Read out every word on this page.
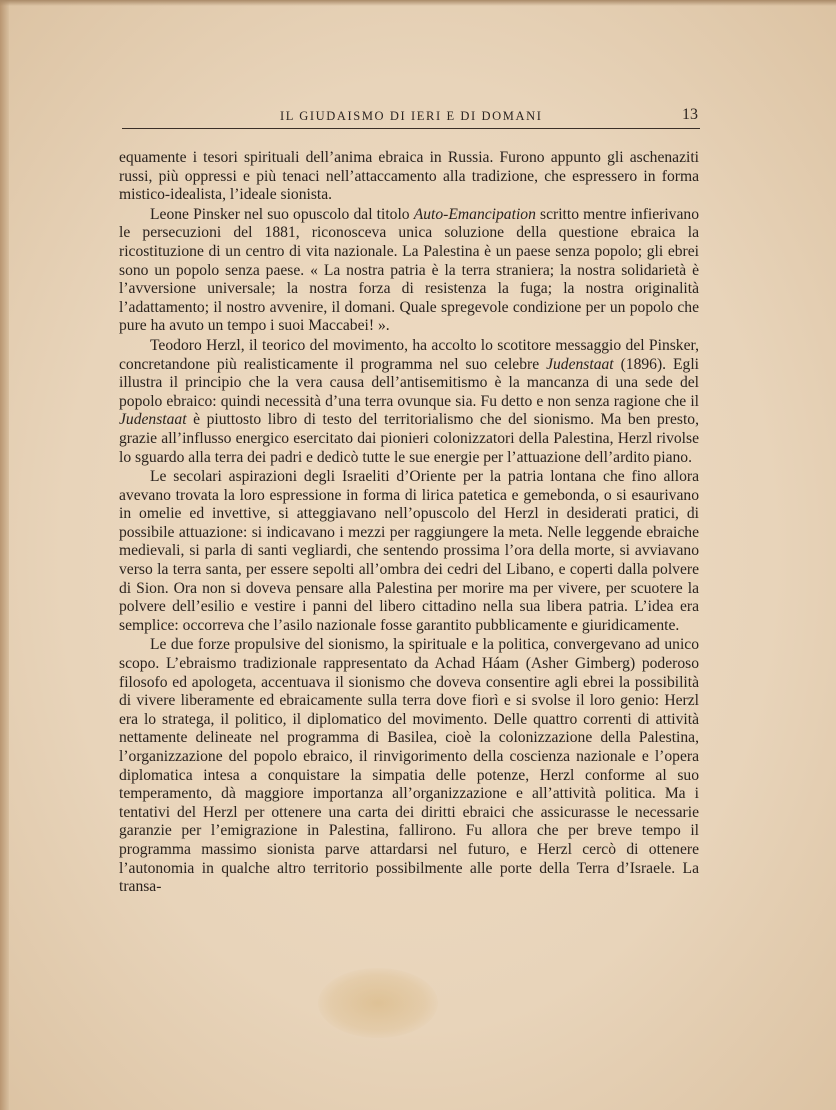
IL GIUDAISMO DI IERI E DI DOMANI	13

equamente i tesori spirituali dell’anima ebraica in Russia. Furono appunto gli aschenaziti russi, più oppressi e più tenaci nell’attaccamento alla tradizione, che espressero in forma mistico-idealista, l’ideale sionista.

Leone Pinsker nel suo opuscolo dal titolo Auto-Emancipation scritto mentre infierivano le persecuzioni del 1881, riconosceva unica soluzione della questione ebraica la ricostituzione di un centro di vita nazionale. La Palestina è un paese senza popolo; gli ebrei sono un popolo senza paese. « La nostra patria è la terra straniera; la nostra solidarietà è l’avversione universale; la nostra forza di resistenza la fuga; la nostra originalità l’adattamento; il nostro avvenire, il domani. Quale spregevole condizione per un popolo che pure ha avuto un tempo i suoi Maccabei! ».

Teodoro Herzl, il teorico del movimento, ha accolto lo scotitore messaggio del Pinsker, concretandone più realisticamente il programma nel suo celebre Judenstaat (1896). Egli illustra il principio che la vera causa dell’antisemitismo è la mancanza di una sede del popolo ebraico: quindi necessità d’una terra ovunque sia. Fu detto e non senza ragione che il Judenstaat è piuttosto libro di testo del territorialismo che del sionismo. Ma ben presto, grazie all’influsso energico esercitato dai pionieri colonizzatori della Palestina, Herzl rivolse lo sguardo alla terra dei padri e dedicò tutte le sue energie per l’attuazione dell’ardito piano.

Le secolari aspirazioni degli Israeliti d’Oriente per la patria lontana che fino allora avevano trovata la loro espressione in forma di lirica patetica e gemebonda, o si esaurivano in omelie ed invettive, si atteggiavano nell’opuscolo del Herzl in desiderati pratici, di possibile attuazione: si indicavano i mezzi per raggiungere la meta. Nelle leggende ebraiche medievali, si parla di santi vegliardi, che sentendo prossima l’ora della morte, si avviavano verso la terra santa, per essere sepolti all’ombra dei cedri del Libano, e coperti dalla polvere di Sion. Ora non si doveva pensare alla Palestina per morire ma per vivere, per scuotere la polvere dell’esilio e vestire i panni del libero cittadino nella sua libera patria. L’idea era semplice: occorreva che l’asilo nazionale fosse garantito pubblicamente e giuridicamente.

Le due forze propulsive del sionismo, la spirituale e la politica, convergevano ad unico scopo. L’ebraismo tradizionale rappresentato da Achad Háam (Asher Gimberg) poderoso filosofo ed apologeta, accentuava il sionismo che doveva consentire agli ebrei la possibilità di vivere liberamente ed ebraicamente sulla terra dove fiorì e si svolse il loro genio: Herzl era lo stratega, il politico, il diplomatico del movimento. Delle quattro correnti di attività nettamente delineate nel programma di Basilea, cioè la colonizzazione della Palestina, l’organizzazione del popolo ebraico, il rinvigorimento della coscienza nazionale e l’opera diplomatica intesa a conquistare la simpatia delle potenze, Herzl conforme al suo temperamento, dà maggiore importanza all’organizzazione e all’attività politica. Ma i tentativi del Herzl per ottenere una carta dei diritti ebraici che assicurasse le necessarie garanzie per l’emigrazione in Palestina, fallirono. Fu allora che per breve tempo il programma massimo sionista parve attardarsi nel futuro, e Herzl cercò di ottenere l’autonomia in qualche altro territorio possibilmente alle porte della Terra d’Israele. La transa-
